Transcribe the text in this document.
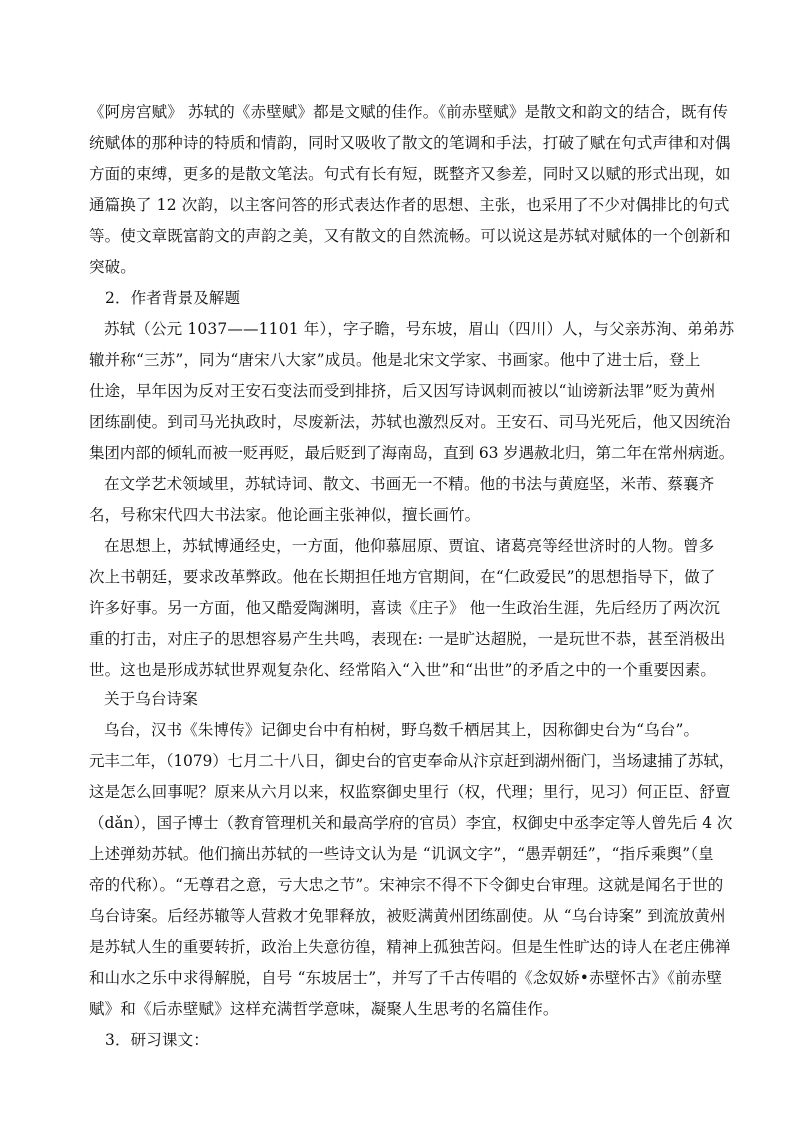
《阿房宫赋》 苏轼的《赤壁赋》都是文赋的佳作。《前赤壁赋》是散文和韵文的结合，既有传
统赋体的那种诗的特质和情韵，同时又吸收了散文的笔调和手法，打破了赋在句式声律和对偶
方面的束缚，更多的是散文笔法。句式有长有短，既整齐又参差，同时又以赋的形式出现，如
通篇换了 12 次韵，以主客问答的形式表达作者的思想、主张，也采用了不少对偶排比的句式
等。使文章既富韵文的声韵之美，又有散文的自然流畅。可以说这是苏轼对赋体的一个创新和
突破。
2．作者背景及解题
苏轼（公元 1037——1101 年），字子瞻，号东坡，眉山（四川）人，与父亲苏洵、弟弟苏
辙并称“三苏”，同为“唐宋八大家”成员。他是北宋文学家、书画家。他中了进士后，登上
仕途，早年因为反对王安石变法而受到排挤，后又因写诗讽刺而被以“讪谤新法罪”贬为黄州
团练副使。到司马光执政时，尽废新法，苏轼也激烈反对。王安石、司马光死后，他又因统治
集团内部的倾轧而被一贬再贬，最后贬到了海南岛，直到 63 岁遇赦北归，第二年在常州病逝。
在文学艺术领域里，苏轼诗词、散文、书画无一不精。他的书法与黄庭坚，米芾、蔡襄齐
名，号称宋代四大书法家。他论画主张神似，擅长画竹。
在思想上，苏轼博通经史，一方面，他仰慕屈原、贾谊、诸葛亮等经世济时的人物。曾多
次上书朝廷，要求改革弊政。他在长期担任地方官期间，在“仁政爱民”的思想指导下，做了
许多好事。另一方面，他又酷爱陶渊明，喜读《庄子》 他一生政治生涯，先后经历了两次沉
重的打击，对庄子的思想容易产生共鸣，表现在: 一是旷达超脱，一是玩世不恭，甚至消极出
世。这也是形成苏轼世界观复杂化、经常陷入“入世”和“出世”的矛盾之中的一个重要因素。
关于乌台诗案
乌台，汉书《朱博传》记御史台中有柏树，野乌数千栖居其上，因称御史台为“乌台”。
元丰二年，（1079）七月二十八日，御史台的官吏奉命从汴京赶到湖州衙门，当场逮捕了苏轼，
这是怎么回事呢？原来从六月以来，权监察御史里行（权，代理；里行，见习）何正臣、舒亶
（dǎn），国子博士（教育管理机关和最高学府的官员）李宜，权御史中丞李定等人曾先后 4 次
上述弹劾苏轼。他们摘出苏轼的一些诗文认为是 “讥讽文字”，“愚弄朝廷”，“指斥乘舆”（皇
帝的代称）。“无尊君之意，亏大忠之节”。宋神宗不得不下令御史台审理。这就是闻名于世的
乌台诗案。后经苏辙等人营救才免罪释放，被贬满黄州团练副使。从 “乌台诗案” 到流放黄州
是苏轼人生的重要转折，政治上失意彷徨，精神上孤独苦闷。但是生性旷达的诗人在老庄佛禅
和山水之乐中求得解脱，自号 “东坡居士”，并写了千古传唱的《念奴娇•赤壁怀古》《前赤壁
赋》和《后赤壁赋》这样充满哲学意味，凝聚人生思考的名篇佳作。
3．研习课文：
